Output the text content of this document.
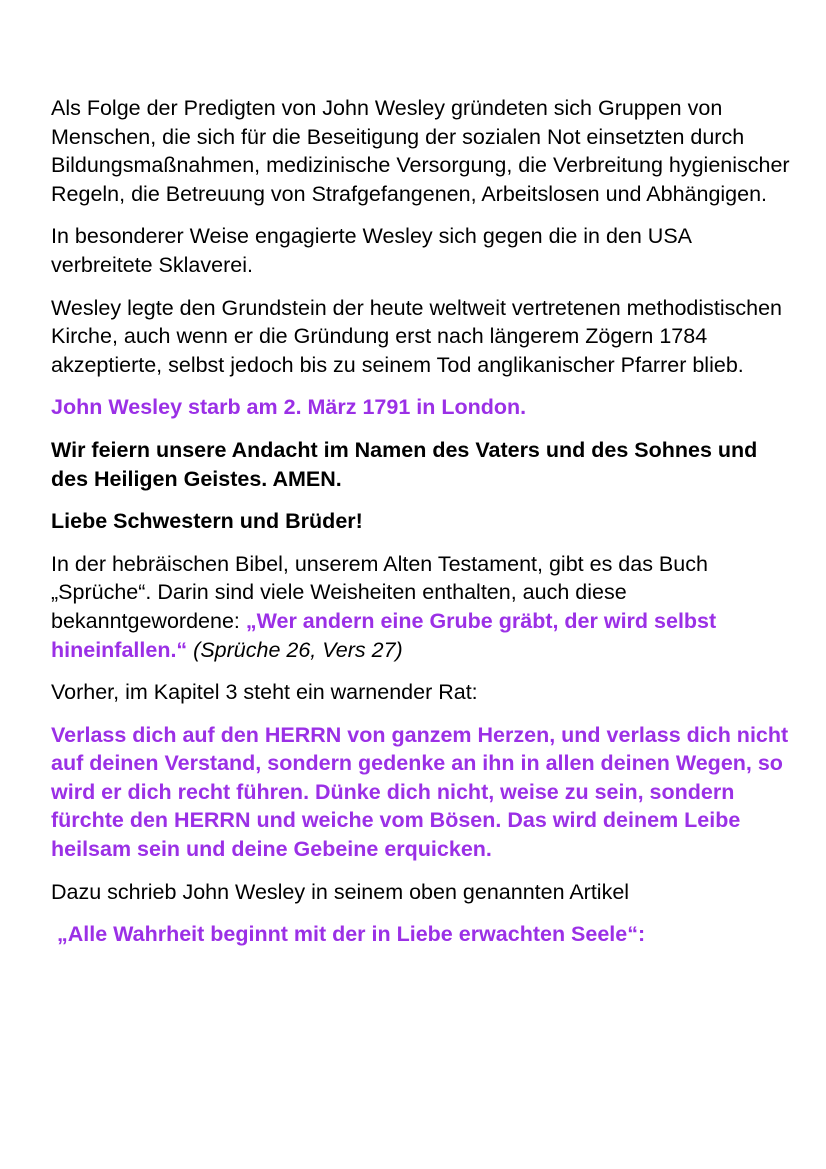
Als Folge der Predigten von John Wesley gründeten sich Gruppen von Menschen, die sich für die Beseitigung der sozialen Not einsetzten durch Bildungsmaßnahmen, medizinische Versorgung, die Verbreitung hygienischer Regeln, die Betreuung von Strafgefangenen, Arbeitslosen und Abhängigen.

In besonderer Weise engagierte Wesley sich gegen die in den USA verbreitete Sklaverei.

Wesley legte den Grundstein der heute weltweit vertretenen methodistischen Kirche, auch wenn er die Gründung erst nach längerem Zögern 1784 akzeptierte, selbst jedoch bis zu seinem Tod anglikanischer Pfarrer blieb.

John Wesley starb am 2. März 1791 in London.

Wir feiern unsere Andacht im Namen des Vaters und des Sohnes und des Heiligen Geistes. AMEN.

Liebe Schwestern und Brüder!

In der hebräischen Bibel, unserem Alten Testament, gibt es das Buch „Sprüche“. Darin sind viele Weisheiten enthalten, auch diese bekanntgewordene: „Wer andern eine Grube gräbt, der wird selbst hineinfallen.“ (Sprüche 26, Vers 27)

Vorher, im Kapitel 3 steht ein warnender Rat:

Verlass dich auf den HERRN von ganzem Herzen, und verlass dich nicht auf deinen Verstand, sondern gedenke an ihn in allen deinen Wegen, so wird er dich recht führen. Dünke dich nicht, weise zu sein, sondern fürchte den HERRN und weiche vom Bösen. Das wird deinem Leibe heilsam sein und deine Gebeine erquicken.

Dazu schrieb John Wesley in seinem oben genannten Artikel

„Alle Wahrheit beginnt mit der in Liebe erwachten Seele“:
